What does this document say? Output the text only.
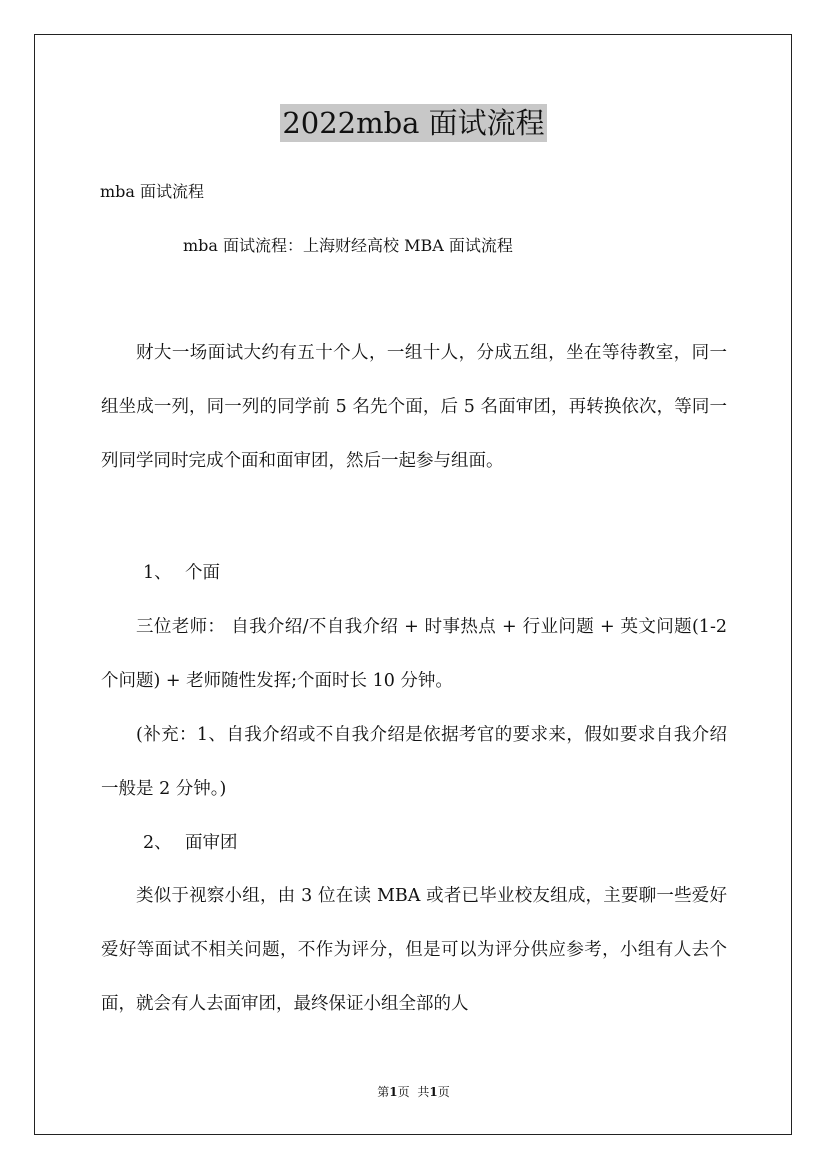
2022mba 面试流程
mba 面试流程
mba 面试流程：上海财经高校 MBA 面试流程

财大一场面试大约有五十个人，一组十人，分成五组，坐在等待教室，同一组坐成一列，同一列的同学前 5 名先个面，后 5 名面审团，再转换依次，等同一列同学同时完成个面和面审团，然后一起参与组面。

1、 个面

三位老师： 自我介绍/不自我介绍 + 时事热点 + 行业问题 + 英文问题(1-2 个问题) + 老师随性发挥;个面时长 10 分钟。

(补充：1、自我介绍或不自我介绍是依据考官的要求来，假如要求自我介绍一般是 2 分钟。)

2、 面审团

类似于视察小组，由 3 位在读 MBA 或者已毕业校友组成，主要聊一些爱好爱好等面试不相关问题，不作为评分，但是可以为评分供应参考，小组有人去个面，就会有人去面审团，最终保证小组全部的人

第1页 共1页
